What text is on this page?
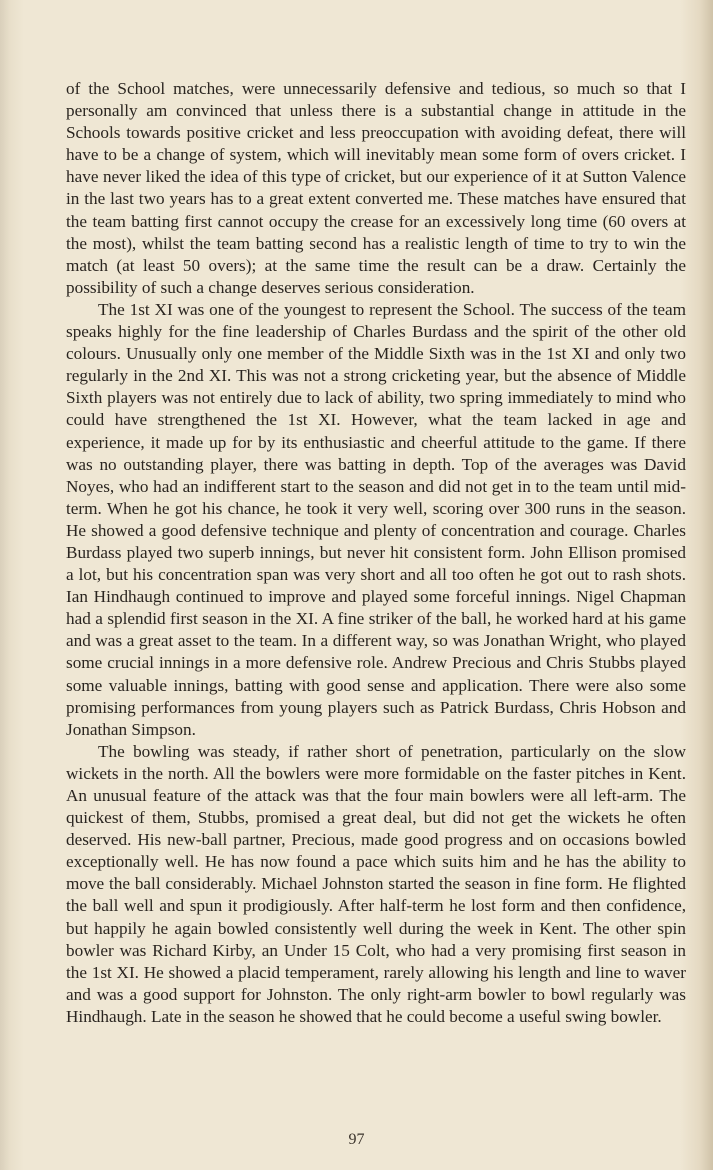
of the School matches, were unnecessarily defensive and tedious, so much so that I personally am convinced that unless there is a substantial change in attitude in the Schools towards positive cricket and less preoccupation with avoiding defeat, there will have to be a change of system, which will inevitably mean some form of overs cricket. I have never liked the idea of this type of cricket, but our experience of it at Sutton Valence in the last two years has to a great extent converted me. These matches have ensured that the team batting first cannot occupy the crease for an excessively long time (60 overs at the most), whilst the team batting second has a realistic length of time to try to win the match (at least 50 overs); at the same time the result can be a draw. Certainly the possibility of such a change deserves serious consideration.

The 1st XI was one of the youngest to represent the School. The success of the team speaks highly for the fine leadership of Charles Burdass and the spirit of the other old colours. Unusually only one member of the Middle Sixth was in the 1st XI and only two regularly in the 2nd XI. This was not a strong cricketing year, but the absence of Middle Sixth players was not entirely due to lack of ability, two spring immediately to mind who could have strengthened the 1st XI. However, what the team lacked in age and experience, it made up for by its enthusiastic and cheerful attitude to the game. If there was no outstanding player, there was batting in depth. Top of the averages was David Noyes, who had an indifferent start to the season and did not get in to the team until mid-term. When he got his chance, he took it very well, scoring over 300 runs in the season. He showed a good defensive technique and plenty of concentration and courage. Charles Burdass played two superb innings, but never hit consistent form. John Ellison promised a lot, but his concentration span was very short and all too often he got out to rash shots. Ian Hindhaugh continued to improve and played some forceful innings. Nigel Chapman had a splendid first season in the XI. A fine striker of the ball, he worked hard at his game and was a great asset to the team. In a different way, so was Jonathan Wright, who played some crucial innings in a more defensive role. Andrew Precious and Chris Stubbs played some valuable innings, batting with good sense and application. There were also some promising performances from young players such as Patrick Burdass, Chris Hobson and Jonathan Simpson.

The bowling was steady, if rather short of penetration, particularly on the slow wickets in the north. All the bowlers were more formidable on the faster pitches in Kent. An unusual feature of the attack was that the four main bowlers were all left-arm. The quickest of them, Stubbs, promised a great deal, but did not get the wickets he often deserved. His new-ball partner, Precious, made good progress and on occasions bowled exceptionally well. He has now found a pace which suits him and he has the ability to move the ball considerably. Michael Johnston started the season in fine form. He flighted the ball well and spun it prodigiously. After half-term he lost form and then confidence, but happily he again bowled consistently well during the week in Kent. The other spin bowler was Richard Kirby, an Under 15 Colt, who had a very promising first season in the 1st XI. He showed a placid temperament, rarely allowing his length and line to waver and was a good support for Johnston. The only right-arm bowler to bowl regularly was Hindhaugh. Late in the season he showed that he could become a useful swing bowler.

97
